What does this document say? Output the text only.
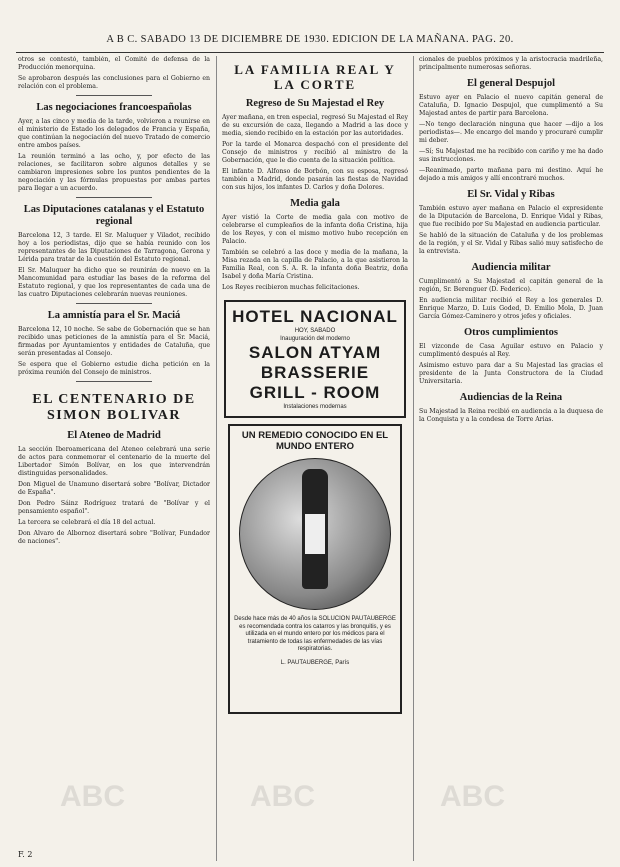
A B C. SABADO 13 DE DICIEMBRE DE 1930. EDICION DE LA MAÑANA. PAG. 20.

otros se contestó, también, el Comité de defensa de la Producción menorquina.

Se aprobaron después las conclusiones para el Gobierno en relación con el problema.

Las negociaciones francoespañolas

Ayer, a las cinco y media de la tarde, volvieron a reunirse en el ministerio de Estado los delegados de Francia y España, que continúan la negociación del nuevo Tratado de comercio entre ambos países.

La reunión terminó a las ocho, y, por efecto de las relaciones, se facilitaron sobre algunos detalles y se cambiaron impresiones sobre los puntos pendientes de la negociación y las fórmulas propuestas por ambas partes para llegar a un acuerdo.

Las Diputaciones catalanas y el Estatuto regional

Barcelona 12, 3 tarde. El Sr. Maluquer y Viladot, recibido hoy a los periodistas, dijo que se había reunido con los representantes de las Diputaciones de Tarragona, Gerona y Lérida para tratar de la cuestión del Estatuto regional.

El Sr. Maluquer ha dicho que se reunirán de nuevo en la Mancomunidad para estudiar las bases de la reforma del Estatuto regional, y que los representantes de cada una de las cuatro Diputaciones celebrarán nuevas reuniones.

La amnistía para el Sr. Maciá

Barcelona 12, 10 noche. Se sabe de Gobernación que se han recibido unas peticiones de la amnistía para el Sr. Maciá, firmadas por Ayuntamientos y entidades de Cataluña, que serán presentadas al Consejo.

Se espera que el Gobierno estudie dicha petición en la próxima reunión del Consejo de ministros.

EL CENTENARIO DE SIMON BOLIVAR
El Ateneo de Madrid

La sección Iberoamericana del Ateneo celebrará una serie de actos para conmemorar el centenario de la muerte del Libertador Simón Bolívar, en los que intervendrán distinguidas personalidades.

Don Miguel de Unamuno disertará sobre "Bolívar, Dictador de España".

Don Pedro Sáinz Rodríguez tratará de "Bolívar y el pensamiento español".

La tercera se celebrará el día 18 del actual.

Don Alvaro de Albornoz disertará sobre "Bolívar, Fundador de naciones".

LA FAMILIA REAL Y LA CORTE
Regreso de Su Majestad el Rey

Ayer mañana, en tren especial, regresó Su Majestad el Rey de su excursión de caza, llegando a Madrid a las doce y media, siendo recibido en la estación por las autoridades.

Por la tarde el Monarca despachó con el presidente del Consejo de ministros y recibió al ministro de la Gobernación, que le dio cuenta de la situación política.

El infante D. Alfonso de Borbón, con su esposa, regresó también a Madrid, donde pasarán las fiestas de Navidad con sus hijos, los infantes D. Carlos y doña Dolores.

Media gala

Ayer vistió la Corte de media gala con motivo de celebrarse el cumpleaños de la infanta doña Cristina, hija de los Reyes, y con el mismo motivo hubo recepción en Palacio.

También se celebró a las doce y media de la mañana, la Misa rezada en la capilla de Palacio, a la que asistieron la Familia Real, con S. A. R. la infanta doña Beatriz, doña Isabel y doña María Cristina.

Los Reyes recibieron muchas felicitaciones.

HOTEL NACIONAL
HOY, SABADO
Inauguración del moderno
SALON ATYAM
BRASSERIE
GRILL - ROOM
Instalaciones modernas
UN REMEDIO CONOCIDO EN EL MUNDO ENTERO
Desde hace más de 40 años la SOLUCION PAUTAUBERGE es recomendada contra los catarros y las bronquitis, y es utilizada en el mundo entero por los médicos para el tratamiento de todas las enfermedades de las vías respiratorias.
L. PAUTAUBERGE, París

cionales de pueblos próximos y la aristocracia madrileña, principalmente numerosas señoras.

El general Despujol

Estuvo ayer en Palacio el nuevo capitán general de Cataluña, D. Ignacio Despujol, que cumplimentó a Su Majestad antes de partir para Barcelona.

—No tengo declaración ninguna que hacer —dijo a los periodistas—. Me encargo del mando y procuraré cumplir mi deber.

—Sí; Su Majestad me ha recibido con cariño y me ha dado sus instrucciones.

—Reanimado, parto mañana para mi destino. Aquí he dejado a mis amigos y allí encontraré muchos.

El Sr. Vidal y Ribas

También estuvo ayer mañana en Palacio el expresidente de la Diputación de Barcelona, D. Enrique Vidal y Ribas, que fue recibido por Su Majestad en audiencia particular.

Se habló de la situación de Cataluña y de los problemas de la región, y el Sr. Vidal y Ribas salió muy satisfecho de la entrevista.

Audiencia militar

Cumplimentó a Su Majestad el capitán general de la región, Sr. Berenguer (D. Federico).

En audiencia militar recibió el Rey a los generales D. Enrique Marzo, D. Luis Goded, D. Emilio Mola, D. Juan García Gómez-Caminero y otros jefes y oficiales.

Otros cumplimientos

El vizconde de Casa Aguilar estuvo en Palacio y cumplimentó después al Rey.

Asimismo estuvo para dar a Su Majestad las gracias el presidente de la Junta Constructora de la Ciudad Universitaria.

Audiencias de la Reina

Su Majestad la Reina recibió en audiencia a la duquesa de la Conquista y a la condesa de Torre Arias.

F. 2
ABC	ABC	ABC
